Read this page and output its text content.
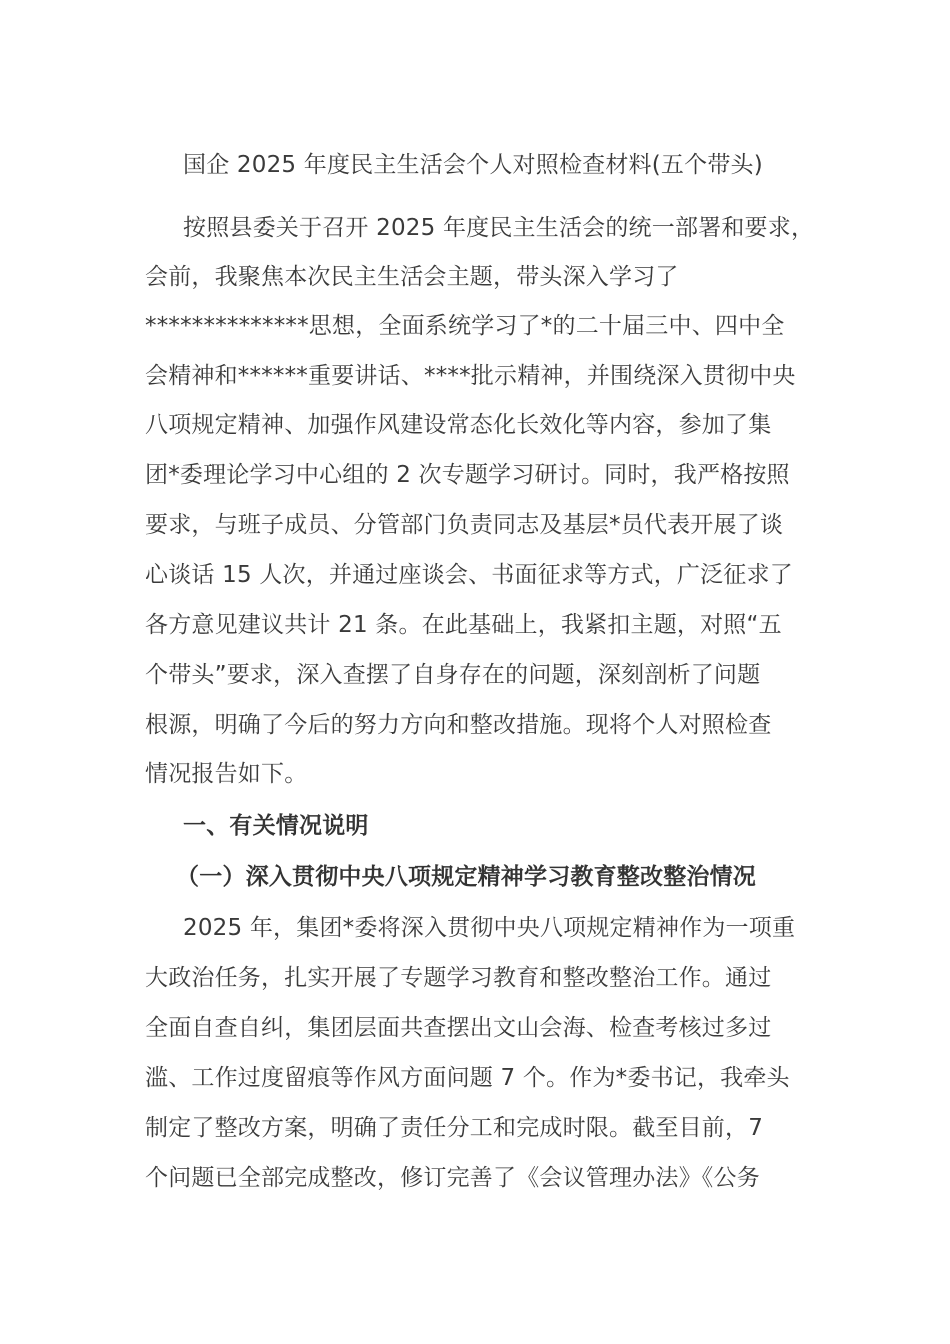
国企 2025 年度民主生活会个人对照检查材料(五个带头)
按照县委关于召开 2025 年度民主生活会的统一部署和要求，
会前，我聚焦本次民主生活会主题，带头深入学习了
**************思想，全面系统学习了*的二十届三中、四中全
会精神和******重要讲话、****批示精神，并围绕深入贯彻中央
八项规定精神、加强作风建设常态化长效化等内容，参加了集
团*委理论学习中心组的 2 次专题学习研讨。同时，我严格按照
要求，与班子成员、分管部门负责同志及基层*员代表开展了谈
心谈话 15 人次，并通过座谈会、书面征求等方式，广泛征求了
各方意见建议共计 21 条。在此基础上，我紧扣主题，对照“五
个带头”要求，深入查摆了自身存在的问题，深刻剖析了问题
根源，明确了今后的努力方向和整改措施。现将个人对照检查
情况报告如下。
一、有关情况说明
（一）深入贯彻中央八项规定精神学习教育整改整治情况
2025 年，集团*委将深入贯彻中央八项规定精神作为一项重
大政治任务，扎实开展了专题学习教育和整改整治工作。通过
全面自查自纠，集团层面共查摆出文山会海、检查考核过多过
滥、工作过度留痕等作风方面问题 7 个。作为*委书记，我牵头
制定了整改方案，明确了责任分工和完成时限。截至目前，7
个问题已全部完成整改，修订完善了《会议管理办法》《公务
